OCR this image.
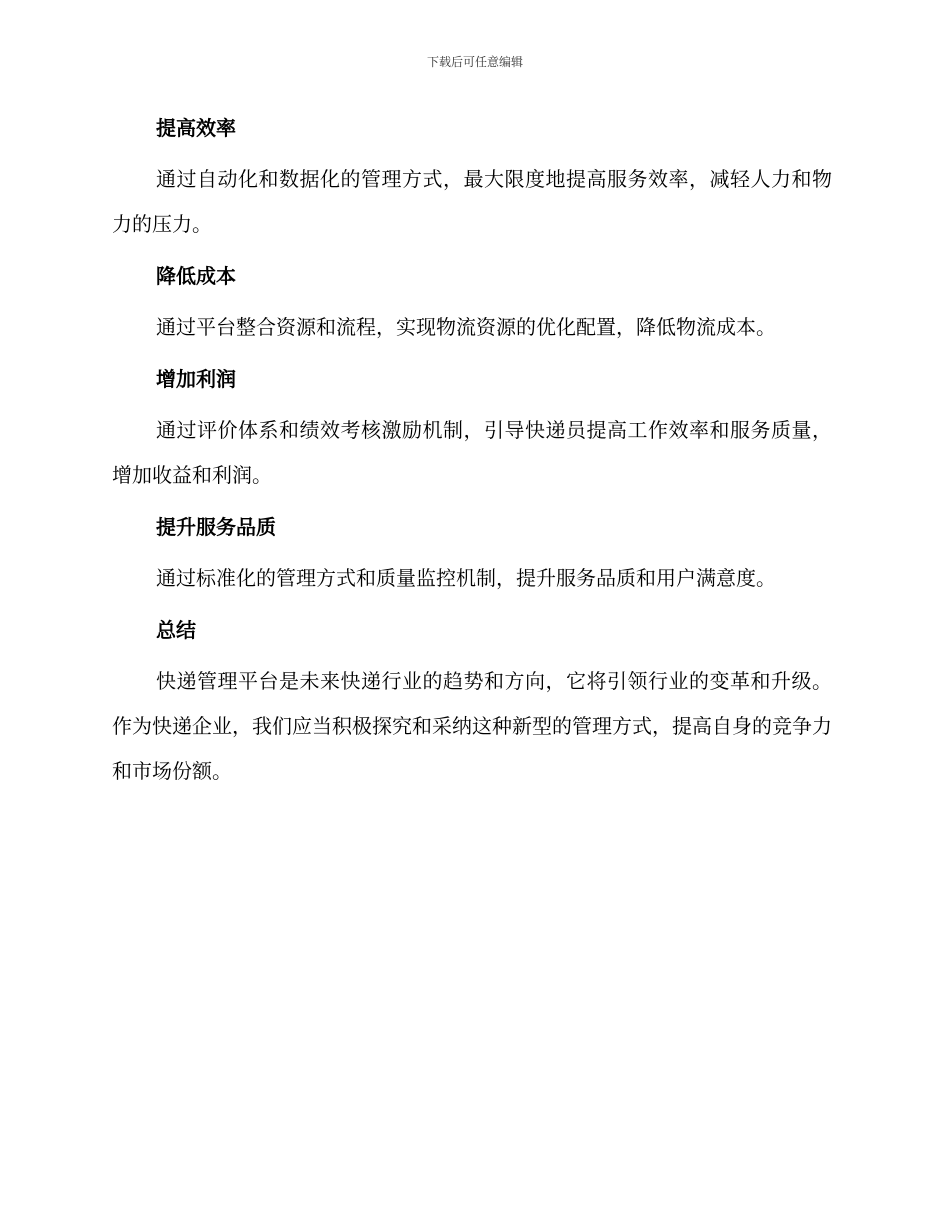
下载后可任意编辑
提高效率

通过自动化和数据化的管理方式，最大限度地提高服务效率，减轻人力和物力的压力。

降低成本

通过平台整合资源和流程，实现物流资源的优化配置，降低物流成本。

增加利润

通过评价体系和绩效考核激励机制，引导快递员提高工作效率和服务质量，增加收益和利润。

提升服务品质

通过标准化的管理方式和质量监控机制，提升服务品质和用户满意度。

总结

快递管理平台是未来快递行业的趋势和方向，它将引领行业的变革和升级。作为快递企业，我们应当积极探究和采纳这种新型的管理方式，提高自身的竞争力和市场份额。
